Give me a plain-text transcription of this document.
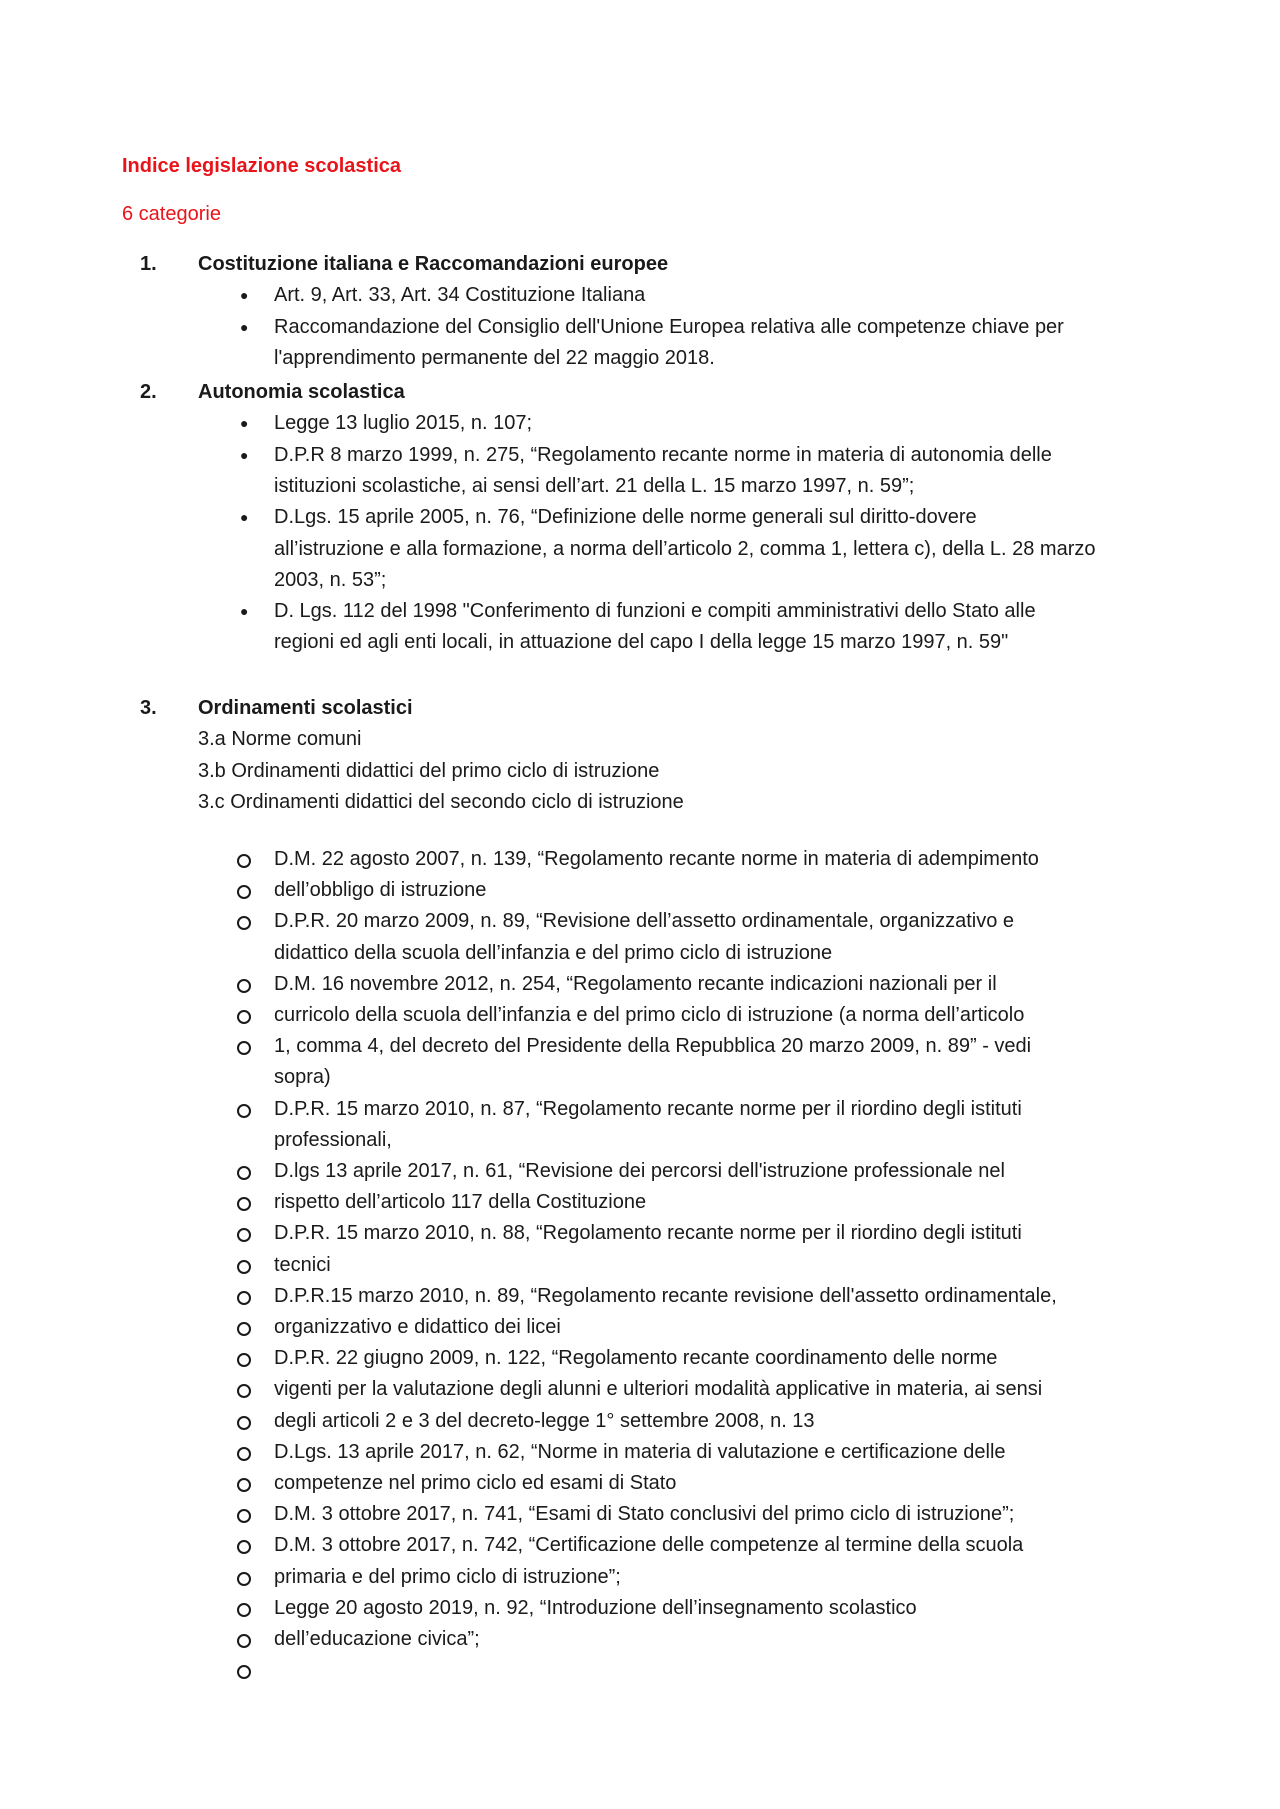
Indice legislazione scolastica
6 categorie
1. Costituzione italiana e Raccomandazioni europee
● Art. 9, Art. 33, Art. 34 Costituzione Italiana
● Raccomandazione del Consiglio dell'Unione Europea relativa alle competenze chiave per
l'apprendimento permanente del 22 maggio 2018.
2. Autonomia scolastica
● Legge 13 luglio 2015, n. 107;
● D.P.R 8 marzo 1999, n. 275, “Regolamento recante norme in materia di autonomia delle
istituzioni scolastiche, ai sensi dell’art. 21 della L. 15 marzo 1997, n. 59”;
● D.Lgs. 15 aprile 2005, n. 76, “Definizione delle norme generali sul diritto-dovere
all’istruzione e alla formazione, a norma dell’articolo 2, comma 1, lettera c), della L. 28 marzo
2003, n. 53”;
● D. Lgs. 112 del 1998 "Conferimento di funzioni e compiti amministrativi dello Stato alle
regioni ed agli enti locali, in attuazione del capo I della legge 15 marzo 1997, n. 59"
3. Ordinamenti scolastici
3.a Norme comuni
3.b Ordinamenti didattici del primo ciclo di istruzione
3.c Ordinamenti didattici del secondo ciclo di istruzione
D.M. 22 agosto 2007, n. 139, “Regolamento recante norme in materia di adempimento
dell’obbligo di istruzione
D.P.R. 20 marzo 2009, n. 89, “Revisione dell’assetto ordinamentale, organizzativo e
didattico della scuola dell’infanzia e del primo ciclo di istruzione
D.M. 16 novembre 2012, n. 254, “Regolamento recante indicazioni nazionali per il
curricolo della scuola dell’infanzia e del primo ciclo di istruzione (a norma dell’articolo
1, comma 4, del decreto del Presidente della Repubblica 20 marzo 2009, n. 89” - vedi
sopra)
D.P.R. 15 marzo 2010, n. 87, “Regolamento recante norme per il riordino degli istituti
professionali,
D.lgs 13 aprile 2017, n. 61, “Revisione dei percorsi dell'istruzione professionale nel
rispetto dell’articolo 117 della Costituzione
D.P.R. 15 marzo 2010, n. 88, “Regolamento recante norme per il riordino degli istituti
tecnici
D.P.R.15 marzo 2010, n. 89, “Regolamento recante revisione dell'assetto ordinamentale,
organizzativo e didattico dei licei
D.P.R. 22 giugno 2009, n. 122, “Regolamento recante coordinamento delle norme
vigenti per la valutazione degli alunni e ulteriori modalità applicative in materia, ai sensi
degli articoli 2 e 3 del decreto-legge 1° settembre 2008, n. 13
D.Lgs. 13 aprile 2017, n. 62, “Norme in materia di valutazione e certificazione delle
competenze nel primo ciclo ed esami di Stato
D.M. 3 ottobre 2017, n. 741, “Esami di Stato conclusivi del primo ciclo di istruzione”;
D.M. 3 ottobre 2017, n. 742, “Certificazione delle competenze al termine della scuola
primaria e del primo ciclo di istruzione”;
Legge 20 agosto 2019, n. 92, “Introduzione dell’insegnamento scolastico
dell’educazione civica”;
